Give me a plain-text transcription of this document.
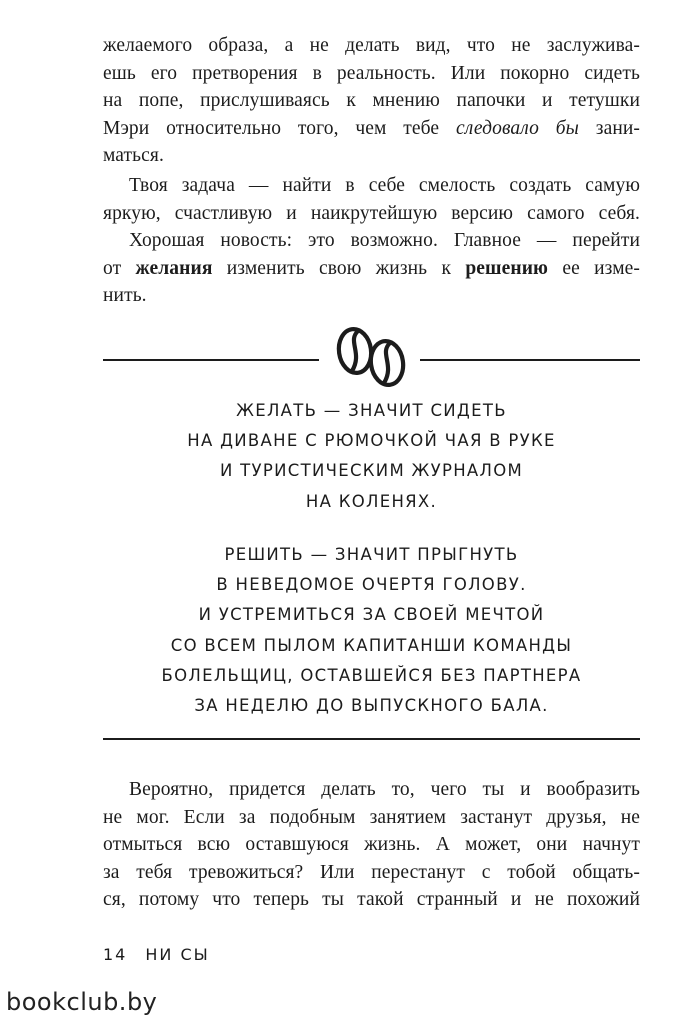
желаемого образа, а не делать вид, что не заслужива-
ешь его претворения в реальность. Или покорно сидеть
на попе, прислушиваясь к мнению папочки и тетушки
Мэри относительно того, чем тебе следовало бы зани-
маться.
Твоя задача — найти в себе смелость создать самую
яркую, счастливую и наикрутейшую версию самого себя.
Хорошая новость: это возможно. Главное — перейти
от желания изменить свою жизнь к решению ее изме-
нить.
ЖЕЛАТЬ — ЗНАЧИТ СИДЕТЬ
НА ДИВАНЕ С РЮМОЧКОЙ ЧАЯ В РУКЕ
И ТУРИСТИЧЕСКИМ ЖУРНАЛОМ
НА КОЛЕНЯХ.
РЕШИТЬ — ЗНАЧИТ ПРЫГНУТЬ
В НЕВЕДОМОЕ ОЧЕРТЯ ГОЛОВУ.
И УСТРЕМИТЬСЯ ЗА СВОЕЙ МЕЧТОЙ
СО ВСЕМ ПЫЛОМ КАПИТАНШИ КОМАНДЫ
БОЛЕЛЬЩИЦ, ОСТАВШЕЙСЯ БЕЗ ПАРТНЕРА
ЗА НЕДЕЛЮ ДО ВЫПУСКНОГО БАЛА.
Вероятно, придется делать то, чего ты и вообразить
не мог. Если за подобным занятием застанут друзья, не
отмыться всю оставшуюся жизнь. А может, они начнут
за тебя тревожиться? Или перестанут с тобой общать-
ся, потому что теперь ты такой странный и не похожий
14 НИ СЫ
bookclub.by
